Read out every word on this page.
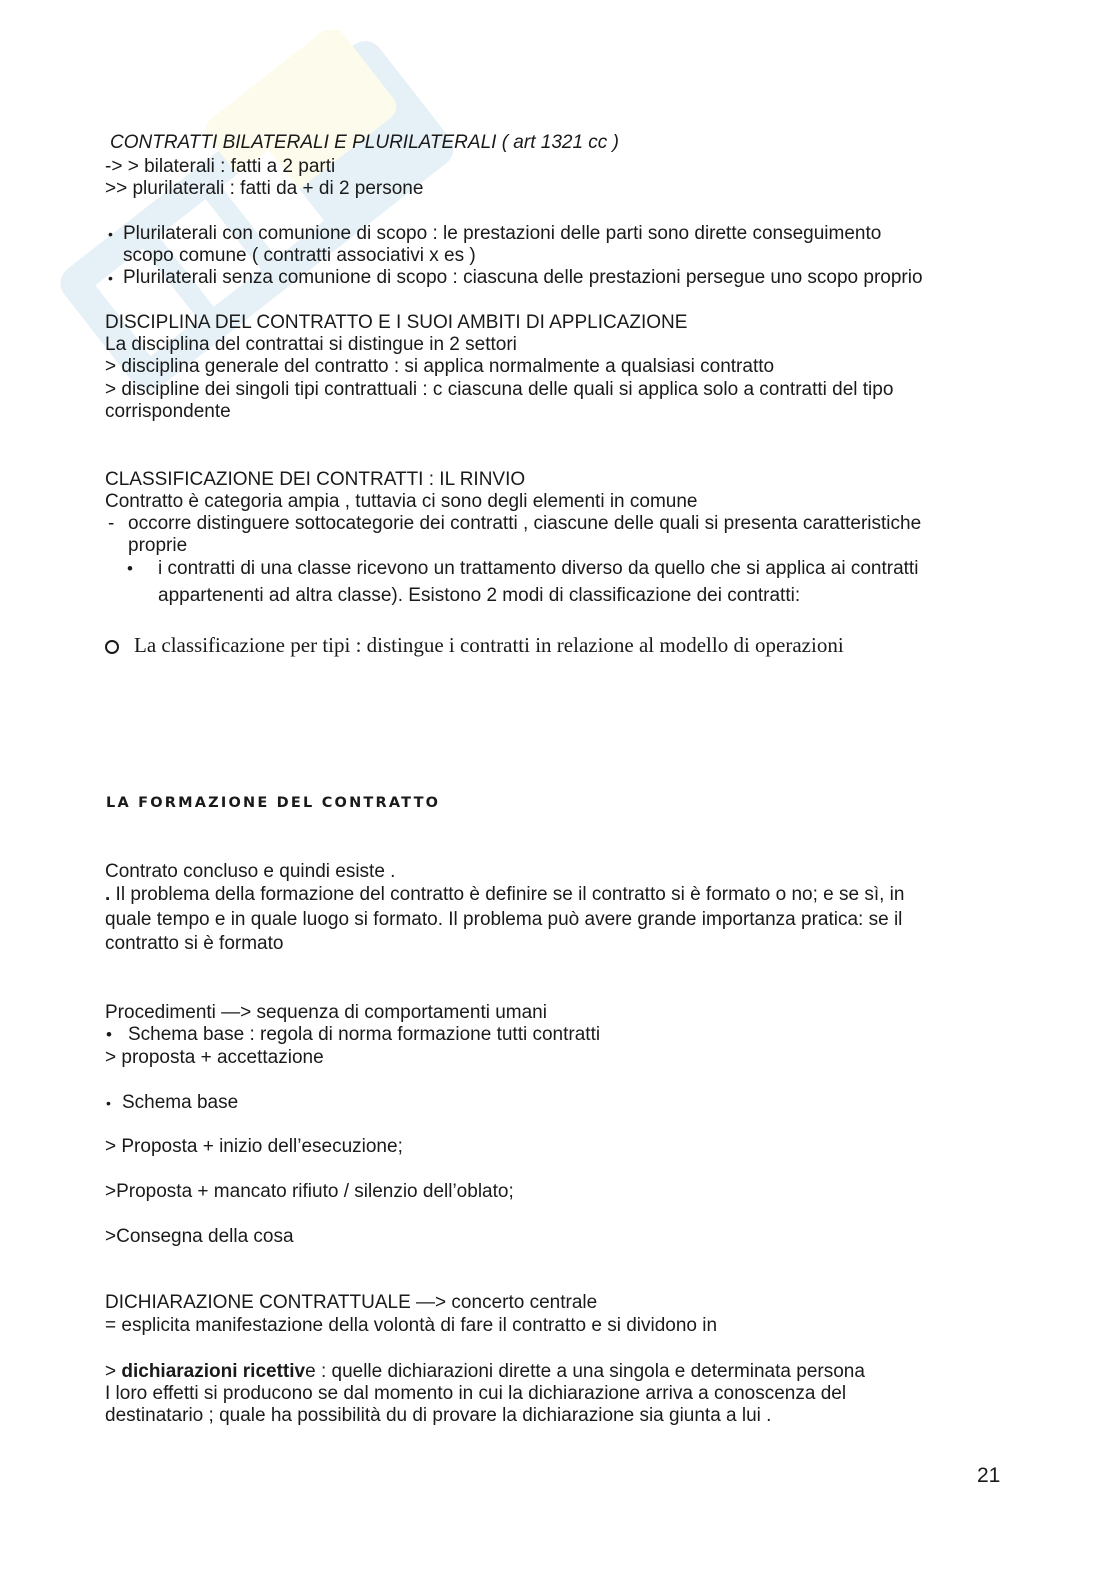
CONTRATTI BILATERALI E PLURILATERALI ( art 1321 cc )
-> > bilaterali : fatti a 2 parti
>> plurilaterali : fatti da + di 2 persone
• Plurilaterali con comunione di scopo : le prestazioni delle parti sono dirette conseguimento
scopo comune ( contratti associativi x es )
• Plurilaterali senza comunione di scopo : ciascuna delle prestazioni persegue uno scopo proprio
DISCIPLINA DEL CONTRATTO E I SUOI AMBITI DI APPLICAZIONE
La disciplina del contrattai si distingue in 2 settori
> disciplina generale del contratto : si applica normalmente a qualsiasi contratto
> discipline dei singoli tipi contrattuali : c ciascuna delle quali si applica solo a contratti del tipo
corrispondente
CLASSIFICAZIONE DEI CONTRATTI : IL RINVIO
Contratto è categoria ampia , tuttavia ci sono degli elementi in comune
- occorre distinguere sottocategorie dei contratti , ciascune delle quali si presenta caratteristiche
proprie
• i contratti di una classe ricevono un trattamento diverso da quello che si applica ai contratti
appartenenti ad altra classe). Esistono 2 modi di classificazione dei contratti:
La classificazione per tipi : distingue i contratti in relazione al modello di operazioni
LA FORMAZIONE DEL CONTRATTO
Contrato concluso e quindi esiste .
. Il problema della formazione del contratto è definire se il contratto si è formato o no; e se sì, in
quale tempo e in quale luogo si formato. Il problema può avere grande importanza pratica: se il
contratto si è formato
Procedimenti —> sequenza di comportamenti umani
• Schema base : regola di norma formazione tutti contratti
> proposta + accettazione
• Schema base
> Proposta + inizio dell’esecuzione;
>Proposta + mancato rifiuto / silenzio dell’oblato;
>Consegna della cosa
DICHIARAZIONE CONTRATTUALE —> concerto centrale
= esplicita manifestazione della volontà di fare il contratto e si dividono in
> dichiarazioni ricettive : quelle dichiarazioni dirette a una singola e determinata persona
I loro effetti si producono se dal momento in cui la dichiarazione arriva a conoscenza del
destinatario ; quale ha possibilità du di provare la dichiarazione sia giunta a lui .
21
